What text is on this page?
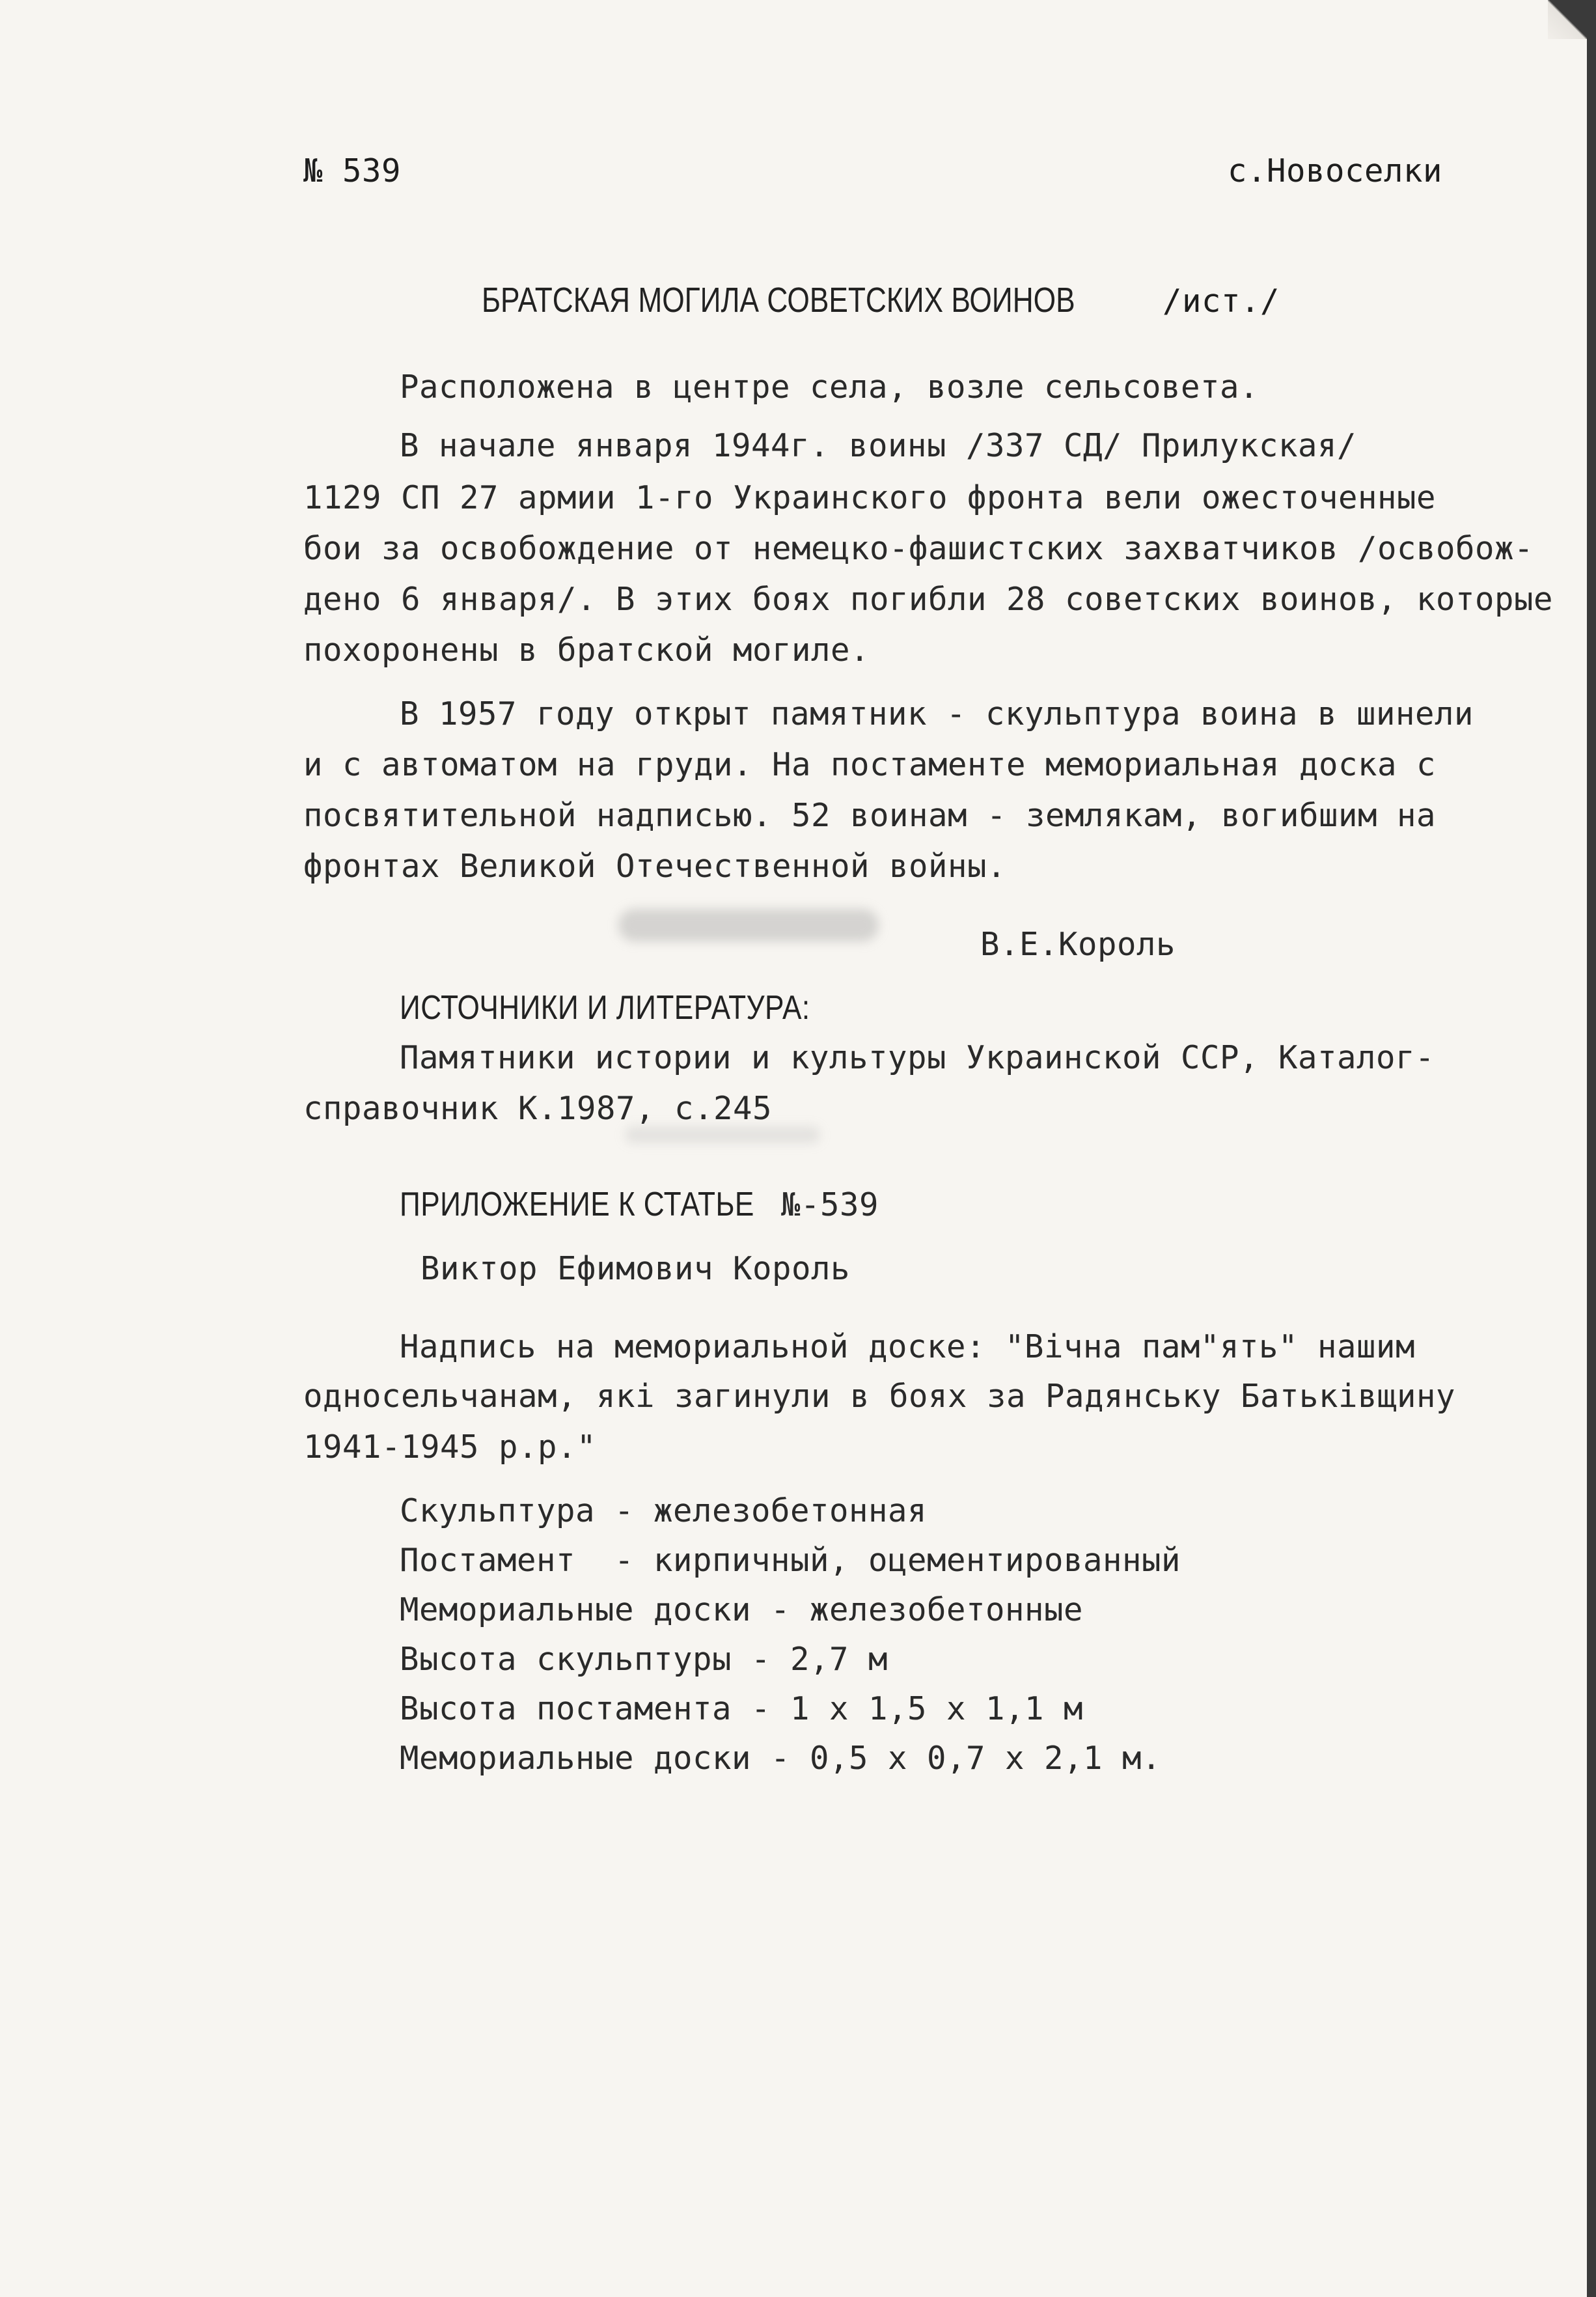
№ 539	с.Новоселки
БРАТСКАЯ МОГИЛА СОВЕТСКИХ ВОИНОВ	/ист./
Расположена в центре села, возле сельсовета.
В начале января 1944г. воины /337 СД/ Прилукская/
1129 СП 27 армии 1-го Украинского фронта вели ожесточенные
бои за освобождение от немецко-фашистских захватчиков /освобож-
дено 6 января/. В этих боях погибли 28 советских воинов, которые
похоронены в братской могиле.
В 1957 году открыт памятник - скульптура воина в шинели
и с автоматом на груди. На постаменте мемориальная доска с
посвятительной надписью. 52 воинам - землякам, вогибшим на
фронтах Великой Отечественной войны.
В.Е.Король
ИСТОЧНИКИ И ЛИТЕРАТУРА:
Памятники истории и культуры Украинской ССР, Каталог-
справочник К.1987, с.245
ПРИЛОЖЕНИЕ К СТАТЬЕ №-539
Виктор Ефимович Король
Надпись на мемориальной доске: "Вiчна пам"ять" нашим
односельчанам, якi загинули в боях за Радянську Батькiвщину
1941-1945 р.р."
Скульптура - железобетонная
Постамент  - кирпичный, оцементированный
Мемориальные доски - железобетонные
Высота скульптуры - 2,7 м
Высота постамента - 1 х 1,5 х 1,1 м
Мемориальные доски - 0,5 х 0,7 х 2,1 м.
